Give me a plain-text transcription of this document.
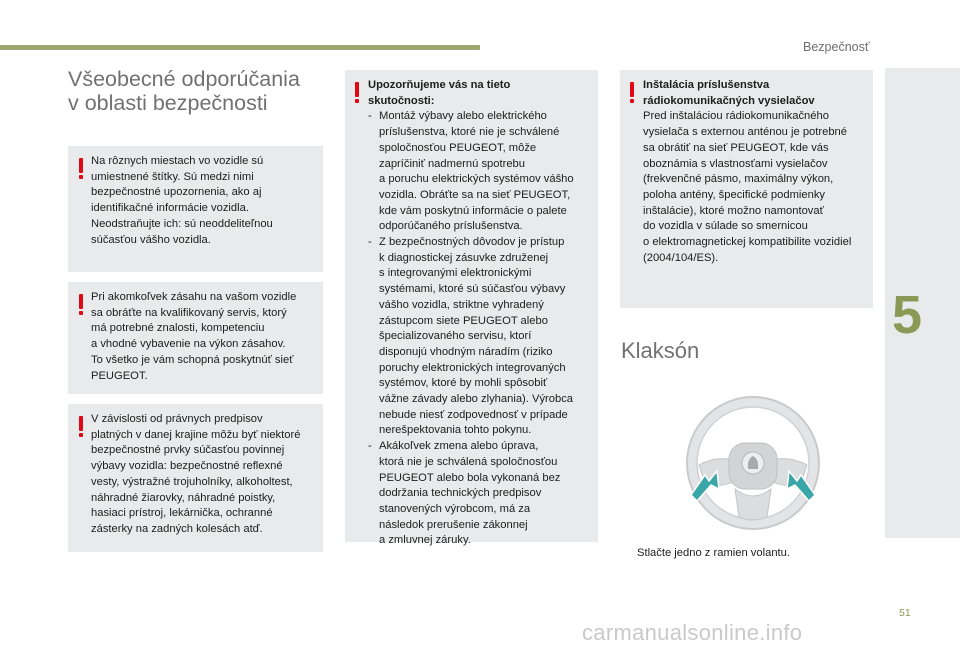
Bezpečnosť
5
Všeobecné odporúčania
v oblasti bezpečnosti
Na rôznych miestach vo vozidle sú
umiestnené štítky. Sú medzi nimi
bezpečnostné upozornenia, ako aj
identifikačné informácie vozidla.
Neodstraňujte ich: sú neoddeliteľnou
súčasťou vášho vozidla.
Pri akomkoľvek zásahu na vašom vozidle
sa obráťte na kvalifikovaný servis, ktorý
má potrebné znalosti, kompetenciu
a vhodné vybavenie na výkon zásahov.
To všetko je vám schopná poskytnúť sieť
PEUGEOT.
V závislosti od právnych predpisov
platných v danej krajine môžu byť niektoré
bezpečnostné prvky súčasťou povinnej
výbavy vozidla: bezpečnostné reflexné
vesty, výstražné trojuholníky, alkoholtest,
náhradné žiarovky, náhradné poistky,
hasiaci prístroj, lekárnička, ochranné
zásterky na zadných kolesách atď.
Upozorňujeme vás na tieto
skutočnosti:
- Montáž výbavy alebo elektrického
príslušenstva, ktoré nie je schválené
spoločnosťou PEUGEOT, môže
zapríčiniť nadmernú spotrebu
a poruchu elektrických systémov vášho
vozidla. Obráťte sa na sieť PEUGEOT,
kde vám poskytnú informácie o palete
odporúčaného príslušenstva.
- Z bezpečnostných dôvodov je prístup
k diagnostickej zásuvke združenej
s integrovanými elektronickými
systémami, ktoré sú súčasťou výbavy
vášho vozidla, striktne vyhradený
zástupcom siete PEUGEOT alebo
špecializovaného servisu, ktorí
disponujú vhodným náradím (riziko
poruchy elektronických integrovaných
systémov, ktoré by mohli spôsobiť
vážne závady alebo zlyhania). Výrobca
nebude niesť zodpovednosť v prípade
nerešpektovania tohto pokynu.
- Akákoľvek zmena alebo úprava,
ktorá nie je schválená spoločnosťou
PEUGEOT alebo bola vykonaná bez
dodržania technických predpisov
stanovených výrobcom, má za
následok prerušenie zákonnej
a zmluvnej záruky.
Inštalácia príslušenstva
rádiokomunikačných vysielačov
Pred inštaláciou rádiokomunikačného
vysielača s externou anténou je potrebné
sa obrátiť na sieť PEUGEOT, kde vás
oboznámia s vlastnosťami vysielačov
(frekvenčné pásmo, maximálny výkon,
poloha antény, špecifické podmienky
inštalácie), ktoré možno namontovať
do vozidla v súlade so smernicou
o elektromagnetickej kompatibilite vozidiel
(2004/104/ES).
Klaksón
Stlačte jedno z ramien volantu.
51
carmanualsonline.info
